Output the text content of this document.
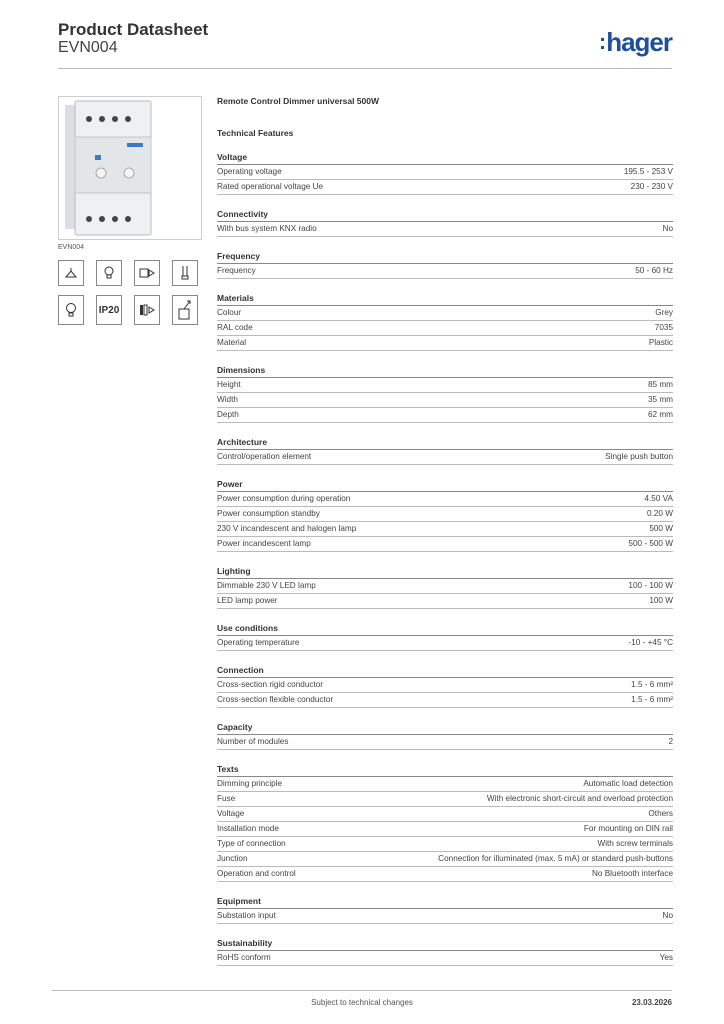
Product Datasheet
EVN004	:hager
EVN004
IP20
Remote Control Dimmer universal 500W
Technical Features
Voltage
Operating voltage	195.5 - 253 V
Rated operational voltage Ue	230 - 230 V
Connectivity
With bus system KNX radio	No
Frequency
Frequency	50 - 60 Hz
Materials
Colour	Grey
RAL code	7035
Material	Plastic
Dimensions
Height	85 mm
Width	35 mm
Depth	62 mm
Architecture
Control/operation element	Single push button
Power
Power consumption during operation	4.50 VA
Power consumption standby	0.20 W
230 V incandescent and halogen lamp	500 W
Power incandescent lamp	500 - 500 W
Lighting
Dimmable 230 V LED lamp	100 - 100 W
LED lamp power	100 W
Use conditions
Operating temperature	-10 - +45 °C
Connection
Cross-section rigid conductor	1.5 - 6 mm²
Cross-section flexible conductor	1.5 - 6 mm²
Capacity
Number of modules	2
Texts
Dimming principle	Automatic load detection
Fuse	With electronic short-circuit and overload protection
Voltage	Others
Installation mode	For mounting on DIN rail
Type of connection	With screw terminals
Junction	Connection for illuminated (max. 5 mA) or standard push-buttons
Operation and control	No Bluetooth interface
Equipment
Substation input	No
Sustainability
RoHS conform	Yes
Subject to technical changes	23.03.2026
